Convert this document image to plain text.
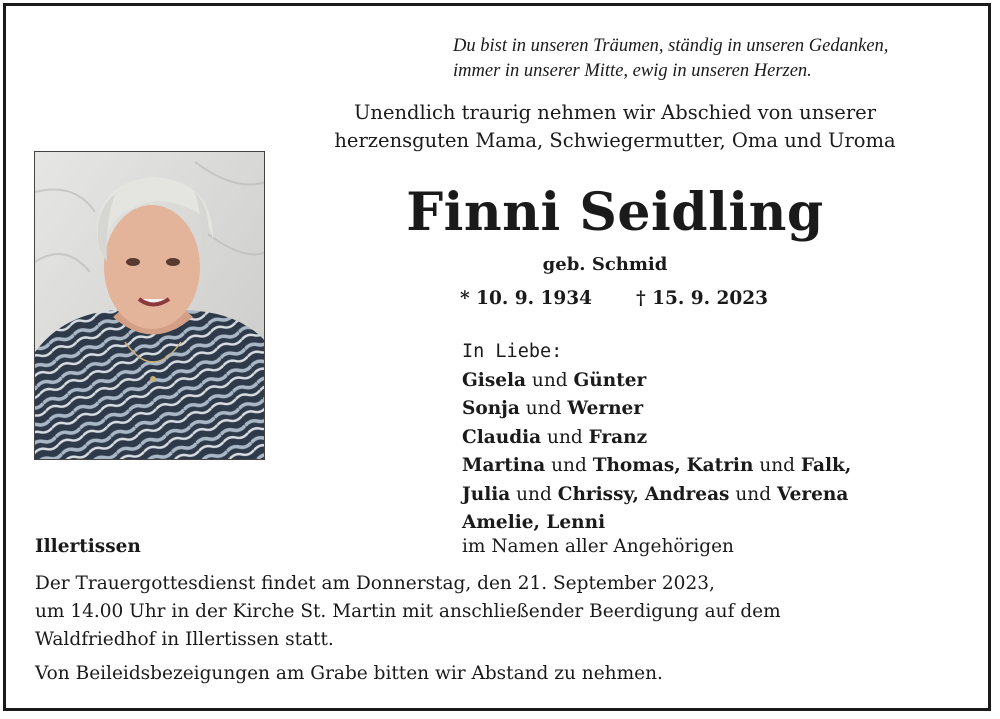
Du bist in unseren Träumen, ständig in unseren Gedanken,
immer in unserer Mitte, ewig in unseren Herzen.
Unendlich traurig nehmen wir Abschied von unserer
herzensguten Mama, Schwiegermutter, Oma und Uroma
Finni Seidling
geb. Schmid
* 10. 9. 1934 † 15. 9. 2023
In Liebe:
Gisela und Günter
Sonja und Werner
Claudia und Franz
Martina und Thomas, Katrin und Falk,
Julia und Chrissy, Andreas und Verena
Amelie, Lenni
Illertissen	im Namen aller Angehörigen
Der Trauergottesdienst findet am Donnerstag, den 21. September 2023,
um 14.00 Uhr in der Kirche St. Martin mit anschließender Beerdigung auf dem
Waldfriedhof in Illertissen statt.
Von Beileidsbezeigungen am Grabe bitten wir Abstand zu nehmen.
